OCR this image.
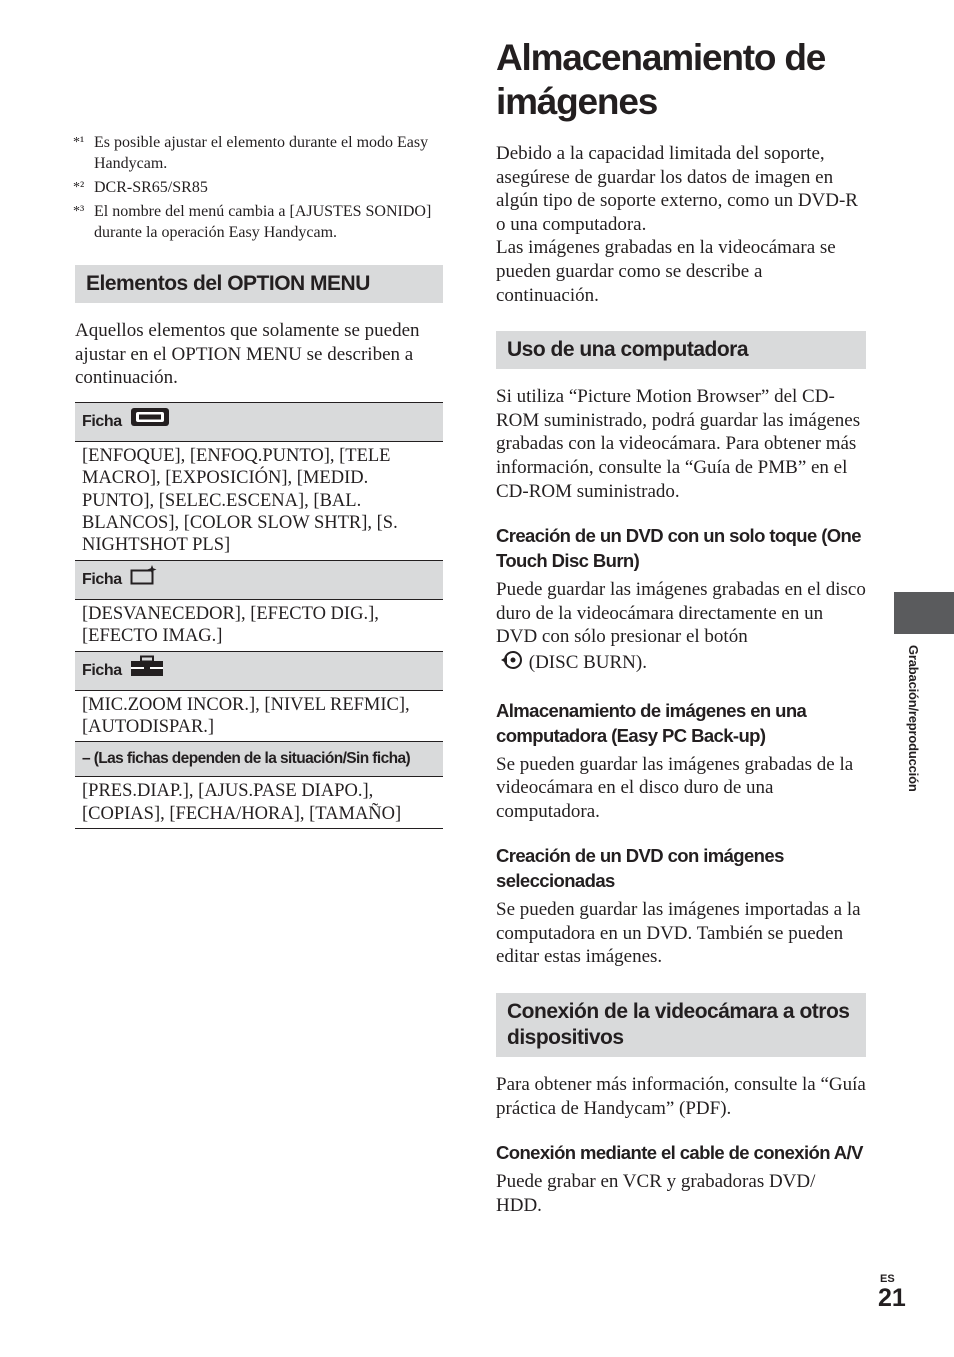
*¹ Es posible ajustar el elemento durante el modo Easy Handycam.
*² DCR-SR65/SR85
*³ El nombre del menú cambia a [AJUSTES SONIDO] durante la operación Easy Handycam.
Elementos del OPTION MENU

Aquellos elementos que solamente se pueden ajustar en el OPTION MENU se describen a continuación.

Ficha
[ENFOQUE], [ENFOQ.PUNTO], [TELE MACRO], [EXPOSICIÓN], [MEDID. PUNTO], [SELEC.ESCENA], [BAL. BLANCOS], [COLOR SLOW SHTR], [S. NIGHTSHOT PLS]
Ficha
[DESVANECEDOR], [EFECTO DIG.], [EFECTO IMAG.]
Ficha
[MIC.ZOOM INCOR.], [NIVEL REFMIC], [AUTODISPAR.]
– (Las fichas dependen de la situación/Sin ficha)
[PRES.DIAP.], [AJUS.PASE DIAPO.], [COPIAS], [FECHA/HORA], [TAMAÑO]
Almacenamiento de
imágenes

Debido a la capacidad limitada del soporte, asegúrese de guardar los datos de imagen en algún tipo de soporte externo, como un DVD-R o una computadora.

Las imágenes grabadas en la videocámara se pueden guardar como se describe a continuación.

Uso de una computadora

Si utiliza “Picture Motion Browser” del CD-ROM suministrado, podrá guardar las imágenes grabadas con la videocámara. Para obtener más información, consulte la “Guía de PMB” en el CD-ROM suministrado.

Creación de un DVD con un solo toque (One Touch Disc Burn)

Puede guardar las imágenes grabadas en el disco duro de la videocámara directamente en un DVD con sólo presionar el botón
(DISC BURN).

Almacenamiento de imágenes en una computadora (Easy PC Back-up)

Se pueden guardar las imágenes grabadas de la videocámara en el disco duro de una computadora.

Creación de un DVD con imágenes seleccionadas

Se pueden guardar las imágenes importadas a la computadora en un DVD. También se pueden editar estas imágenes.

Conexión de la videocámara a otros dispositivos

Para obtener más información, consulte la “Guía práctica de Handycam” (PDF).

Conexión mediante el cable de conexión A/V

Puede grabar en VCR y grabadoras DVD/ HDD.

Grabación/reproducción
ES
21
